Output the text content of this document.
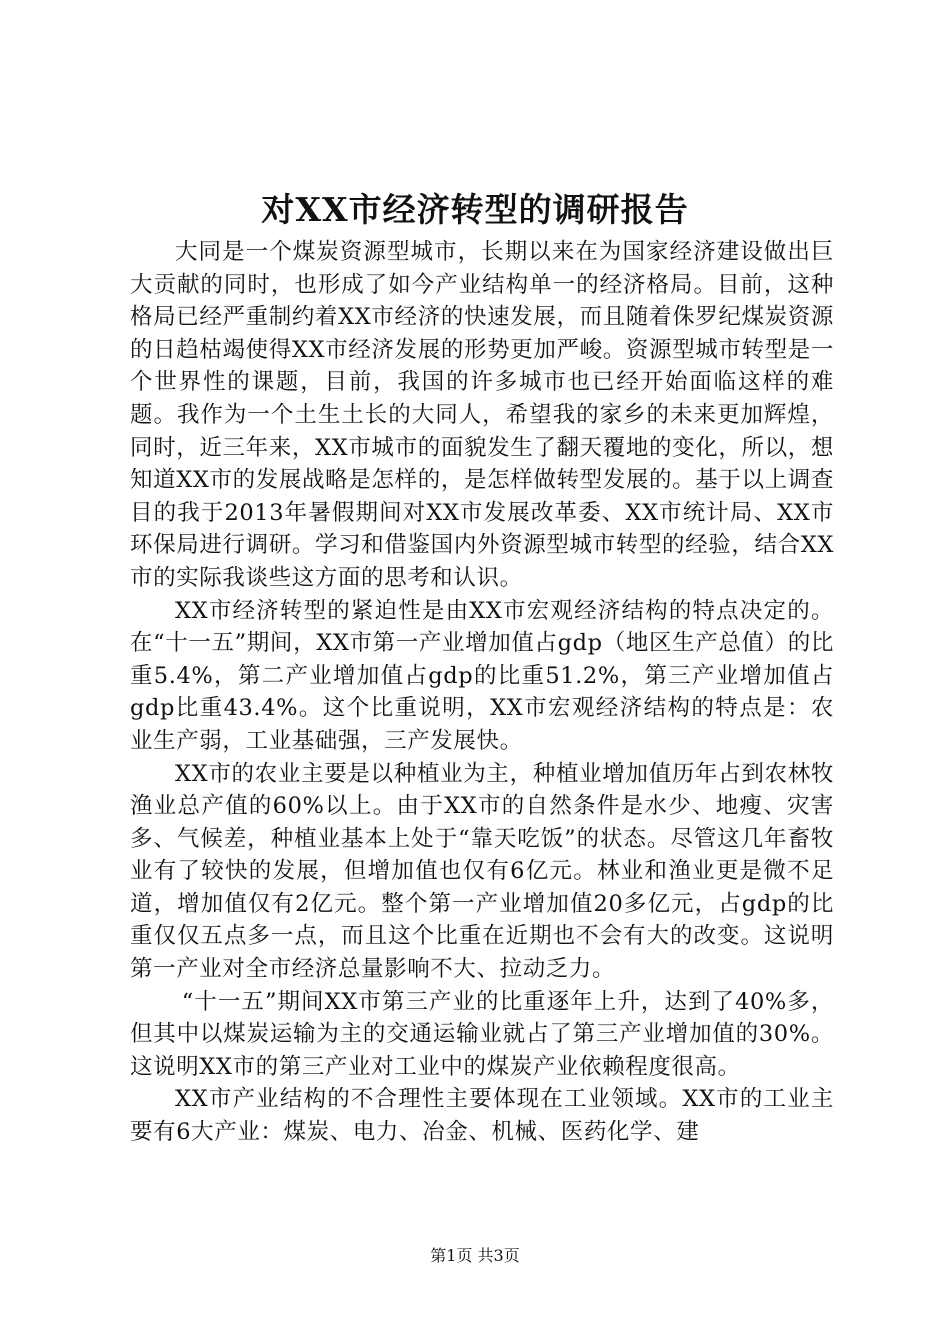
对XX市经济转型的调研报告

大同是一个煤炭资源型城市，长期以来在为国家经济建设做出巨大贡献的同时，也形成了如今产业结构单一的经济格局。目前，这种格局已经严重制约着XX市经济的快速发展，而且随着侏罗纪煤炭资源的日趋枯竭使得XX市经济发展的形势更加严峻。资源型城市转型是一个世界性的课题，目前，我国的许多城市也已经开始面临这样的难题。我作为一个土生土长的大同人，希望我的家乡的未来更加辉煌，同时，近三年来，XX市城市的面貌发生了翻天覆地的变化，所以，想知道XX市的发展战略是怎样的，是怎样做转型发展的。基于以上调查目的我于2013年暑假期间对XX市发展改革委、XX市统计局、XX市环保局进行调研。学习和借鉴国内外资源型城市转型的经验，结合XX市的实际我谈些这方面的思考和认识。

XX市经济转型的紧迫性是由XX市宏观经济结构的特点决定的。在“十一五”期间，XX市第一产业增加值占gdp（地区生产总值）的比重5.4%，第二产业增加值占gdp的比重51.2%，第三产业增加值占gdp比重43.4%。这个比重说明，XX市宏观经济结构的特点是：农业生产弱，工业基础强，三产发展快。

XX市的农业主要是以种植业为主，种植业增加值历年占到农林牧渔业总产值的60%以上。由于XX市的自然条件是水少、地瘦、灾害多、气候差，种植业基本上处于“靠天吃饭”的状态。尽管这几年畜牧业有了较快的发展，但增加值也仅有6亿元。林业和渔业更是微不足道，增加值仅有2亿元。整个第一产业增加值20多亿元，占gdp的比重仅仅五点多一点，而且这个比重在近期也不会有大的改变。这说明第一产业对全市经济总量影响不大、拉动乏力。

“十一五”期间XX市第三产业的比重逐年上升，达到了40%多，但其中以煤炭运输为主的交通运输业就占了第三产业增加值的30%。这说明XX市的第三产业对工业中的煤炭产业依赖程度很高。

XX市产业结构的不合理性主要体现在工业领域。XX市的工业主要有6大产业：煤炭、电力、冶金、机械、医药化学、建

第1页 共3页
